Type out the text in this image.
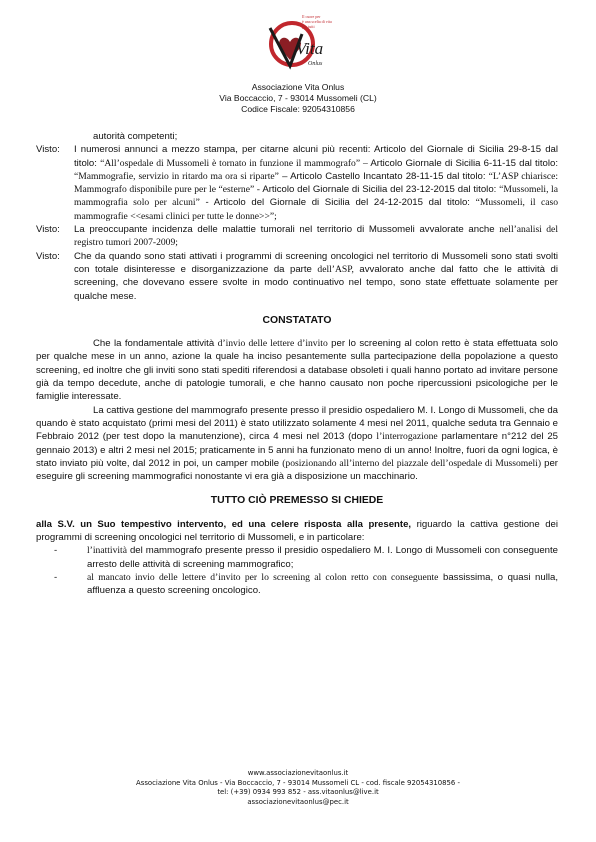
Il cuore per
è una scelta di vita
per tutti
Vita
Onlus
Associazione Vita Onlus
Via Boccaccio, 7 - 93014 Mussomeli (CL)
Codice Fiscale: 92054310856
autorità competenti;
Visto:	I numerosi annunci a mezzo stampa, per citarne alcuni più recenti: Articolo del Giornale di Sicilia 29-8-15 dal titolo: “All’ospedale di Mussomeli è tornato in funzione il mammografo” – Articolo Giornale di Sicilia 6-11-15 dal titolo: “Mammografie, servizio in ritardo ma ora si riparte” – Articolo Castello Incantato 28-11-15 dal titolo: “L’ASP chiarisce: Mammografo disponibile pure per le “esterne” - Articolo del Giornale di Sicilia del 23-12-2015 dal titolo: “Mussomeli, la mammografia solo per alcuni” - Articolo del Giornale di Sicilia del 24-12-2015 dal titolo: “Mussomeli, il caso mammografie <<esami clinici per tutte le donne>>”;
Visto:	La preoccupante incidenza delle malattie tumorali nel territorio di Mussomeli avvalorate anche nell’analisi del registro tumori 2007-2009;
Visto:	Che da quando sono stati attivati i programmi di screening oncologici nel territorio di Mussomeli sono stati svolti con totale disinteresse e disorganizzazione da parte dell’ASP, avvalorato anche dal fatto che le attività di screening, che dovevano essere svolte in modo continuativo nel tempo, sono state effettuate solamente per qualche mese.
CONSTATATO
Che la fondamentale attività d’invio delle lettere d’invito per lo screening al colon retto è stata effettuata solo per qualche mese in un anno, azione la quale ha inciso pesantemente sulla partecipazione della popolazione a questo screening, ed inoltre che gli inviti sono stati spediti riferendosi a database obsoleti i quali hanno portato ad invitare persone già da tempo decedute, anche di patologie tumorali, e che hanno causato non poche ripercussioni psicologiche per le famiglie interessate.
La cattiva gestione del mammografo presente presso il presidio ospedaliero M. I. Longo di Mussomeli, che da quando è stato acquistato (primi mesi del 2011) è stato utilizzato solamente 4 mesi nel 2011, qualche seduta tra Gennaio e Febbraio 2012 (per test dopo la manutenzione), circa 4 mesi nel 2013 (dopo l’interrogazione parlamentare n°212 del 25 gennaio 2013) e altri 2 mesi nel 2015; praticamente in 5 anni ha funzionato meno di un anno! Inoltre, fuori da ogni logica, è stato inviato più volte, dal 2012 in poi, un camper mobile (posizionando all’interno del piazzale dell’ospedale di Mussomeli) per eseguire gli screening mammografici nonostante vi era già a disposizione un macchinario.
TUTTO CIÒ PREMESSO SI CHIEDE
alla S.V. un Suo tempestivo intervento, ed una celere risposta alla presente, riguardo la cattiva gestione dei programmi di screening oncologici nel territorio di Mussomeli, e in particolare:
-	l’inattività del mammografo presente presso il presidio ospedaliero M. I. Longo di Mussomeli con conseguente arresto delle attività di screening mammografico;
-	al mancato invio delle lettere d’invito per lo screening al colon retto con conseguente bassissima, o quasi nulla, affluenza a questo screening oncologico.
www.associazionevitaonlus.it
Associazione Vita Onlus - Via Boccaccio, 7 - 93014 Mussomeli CL - cod. fiscale 92054310856 -
tel: (+39) 0934 993 852 - ass.vitaonlus@live.it
associazionevitaonlus@pec.it
